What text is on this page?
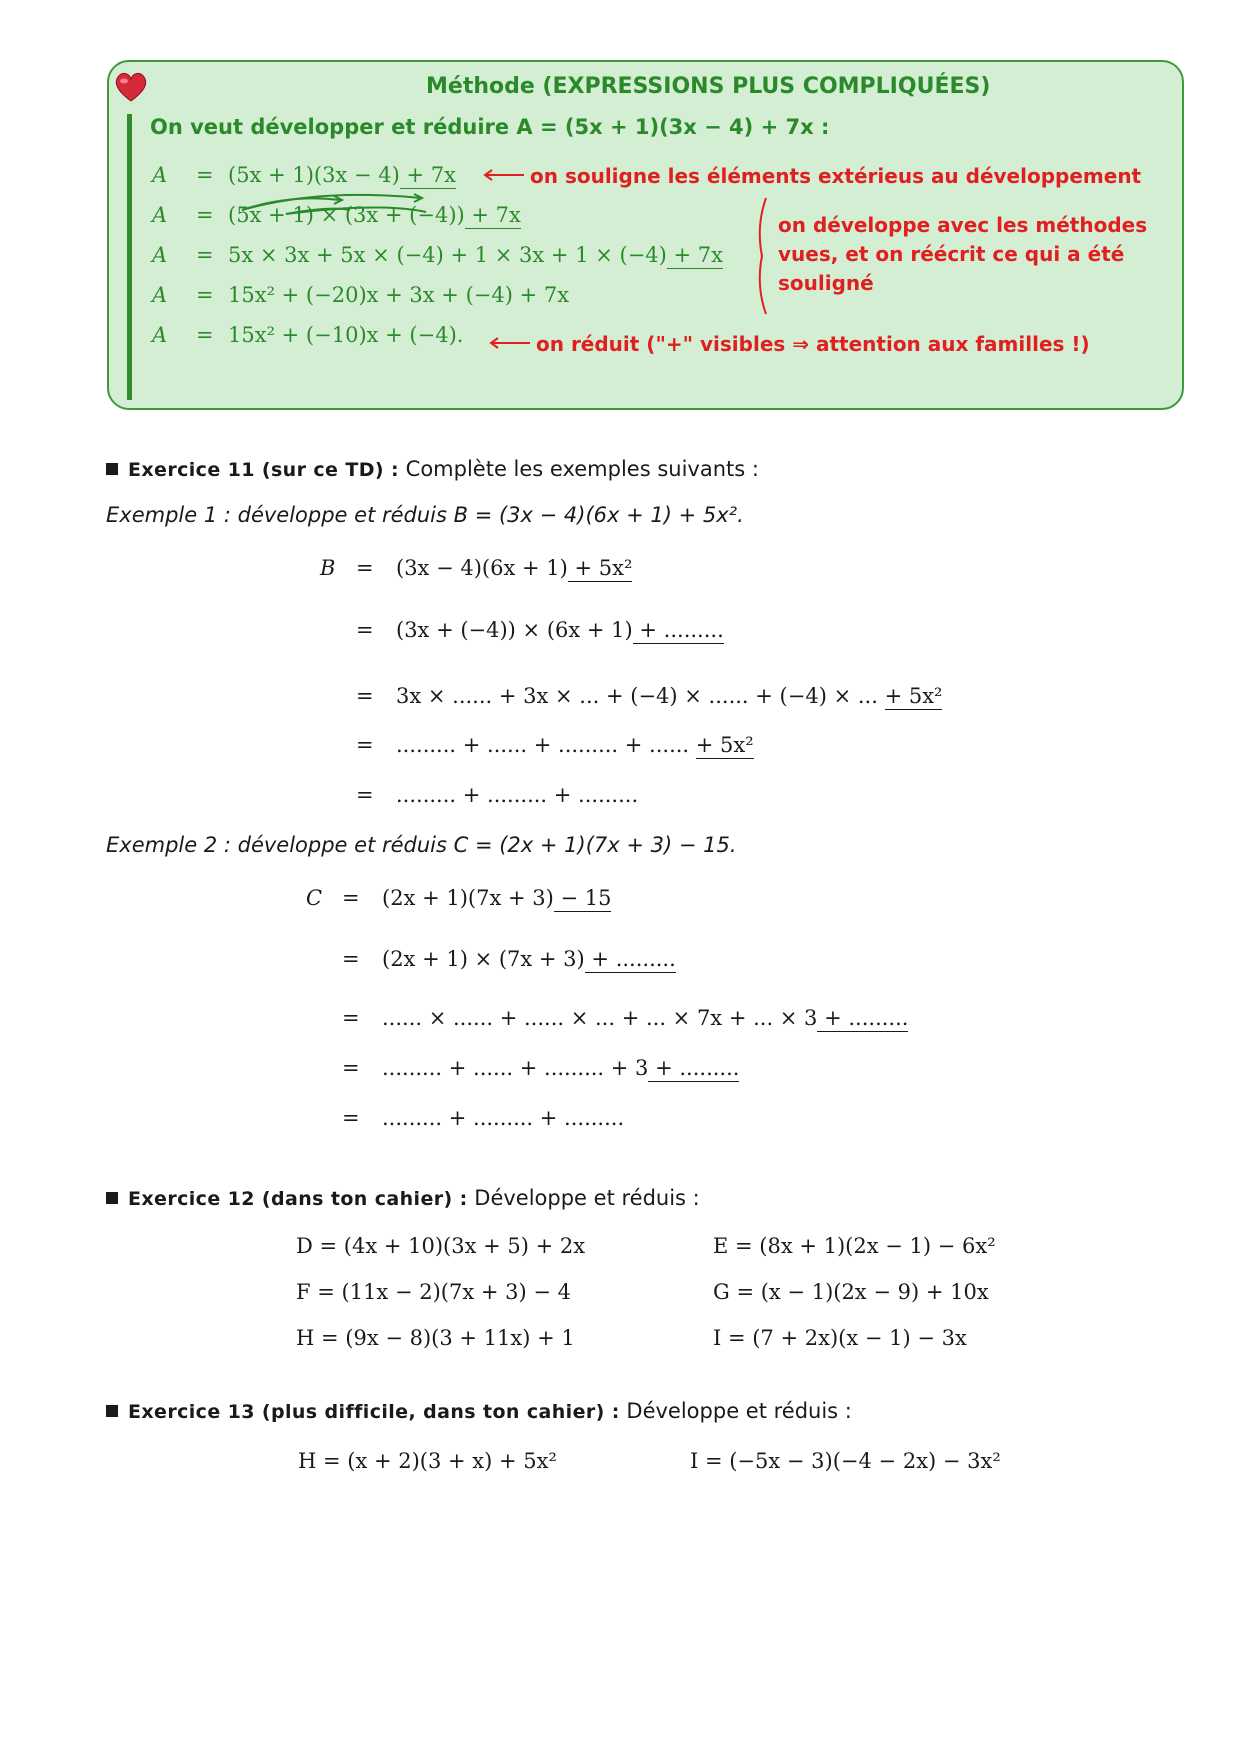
Méthode (EXPRESSIONS PLUS COMPLIQUÉES)
On veut développer et réduire A = (5x + 1)(3x − 4) + 7x :
A = (5x + 1)(3x − 4) + 7x
A = (5x + 1) × (3x + (−4)) + 7x
A = 5x × 3x + 5x × (−4) + 1 × 3x + 1 × (−4) + 7x
A = 15x² + (−20)x + 3x + (−4) + 7x
A = 15x² + (−10)x + (−4).
on souligne les éléments extérieus au développement
on développe avec les méthodes
vues, et on réécrit ce qui a été
souligné
on réduit ("+" visibles ⇒ attention aux familles !)
Exercice 11 (sur ce TD) : Complète les exemples suivants :
Exemple 1 : développe et réduis B = (3x − 4)(6x + 1) + 5x².
B = (3x − 4)(6x + 1) + 5x²
= (3x + (−4)) × (6x + 1) + .........
= 3x × ...... + 3x × ... + (−4) × ...... + (−4) × ... + 5x²
= ......... + ...... + ......... + ...... + 5x²
= ......... + ......... + .........
Exemple 2 : développe et réduis C = (2x + 1)(7x + 3) − 15.
C = (2x + 1)(7x + 3) − 15
= (2x + 1) × (7x + 3) + .........
= ...... × ...... + ...... × ... + ... × 7x + ... × 3 + .........
= ......... + ...... + ......... + 3 + .........
= ......... + ......... + .........
Exercice 12 (dans ton cahier) : Développe et réduis :
D = (4x + 10)(3x + 5) + 2x	E = (8x + 1)(2x − 1) − 6x²
F = (11x − 2)(7x + 3) − 4	G = (x − 1)(2x − 9) + 10x
H = (9x − 8)(3 + 11x) + 1	I = (7 + 2x)(x − 1) − 3x
Exercice 13 (plus difficile, dans ton cahier) : Développe et réduis :
H = (x + 2)(3 + x) + 5x²	I = (−5x − 3)(−4 − 2x) − 3x²
